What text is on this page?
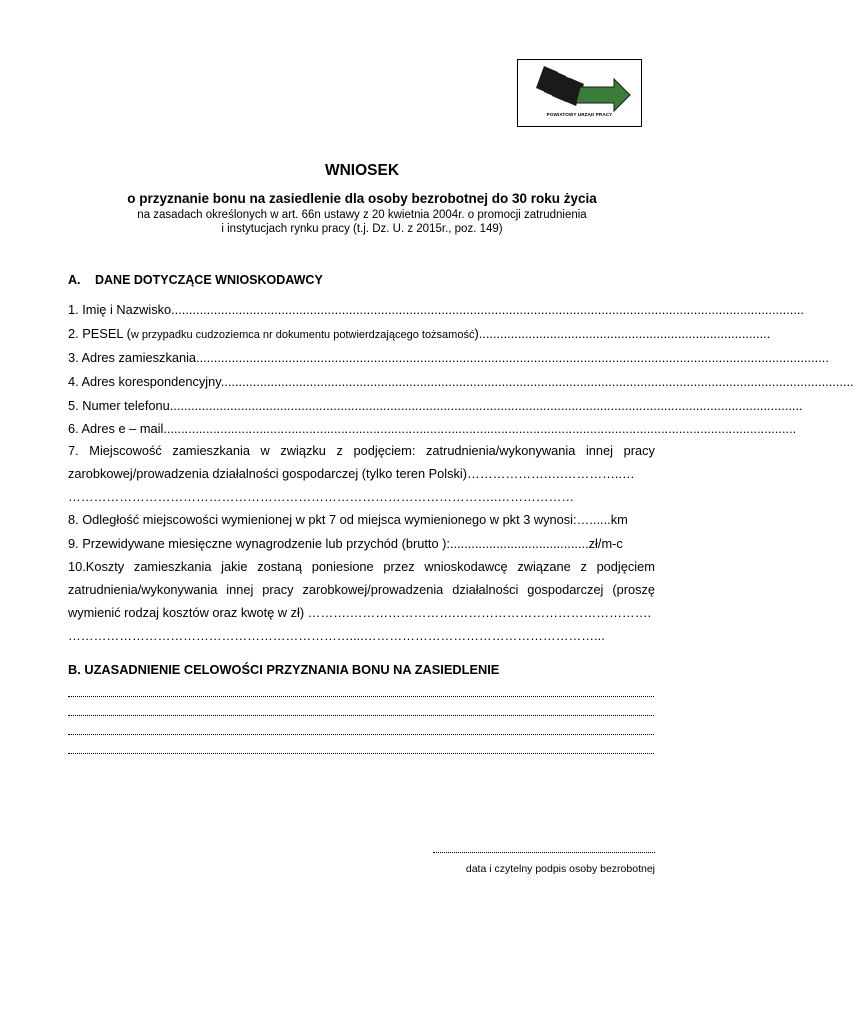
POWIATOWY URZĄD PRACY
WNIOSEK
o przyznanie bonu na zasiedlenie dla osoby bezrobotnej do 30 roku życia
na zasadach określonych w art. 66n ustawy z 20 kwietnia 2004r. o promocji zatrudnienia
i instytucjach rynku pracy (t.j. Dz. U. z 2015r., poz. 149)
A. DANE DOTYCZĄCE WNIOSKODAWCY
1. Imię i Nazwisko..................................................................................................................................................................................
2. PESEL (w przypadku cudzoziemca nr dokumentu potwierdzającego tożsamość)..................................................................................
3. Adres zamieszkania..................................................................................................................................................................................
4. Adres korespondencyjny..................................................................................................................................................................................
5. Numer telefonu..................................................................................................................................................................................
6. Adres e – mail..................................................................................................................................................................................
7. Miejscowość zamieszkania w związku z podjęciem: zatrudnienia/wykonywania innej pracy
zarobkowej/prowadzenia działalności gospodarczej (tylko teren Polski)……………….….…………..…
………………………………………………………………………………………..………………
8. Odległość miejscowości wymienionej w pkt 7 od miejsca wymienionego w pkt 3 wynosi:…......km
9. Przewidywane miesięczne wynagrodzenie lub przychód (brutto ):.......................................zł/m-c
10.Koszty zamieszkania jakie zostaną poniesione przez wnioskodawcę związane z podjęciem
zatrudnienia/wykonywania innej pracy zarobkowej/prowadzenia działalności gospodarczej (proszę
wymienić rodzaj kosztów oraz kwotę w zł) ……….…………………….……………………………………….
…………………………………………………………....………………………………………………...
B. UZASADNIENIE CELOWOŚCI PRZYZNANIA BONU NA ZASIEDLENIE
data i czytelny podpis osoby bezrobotnej
